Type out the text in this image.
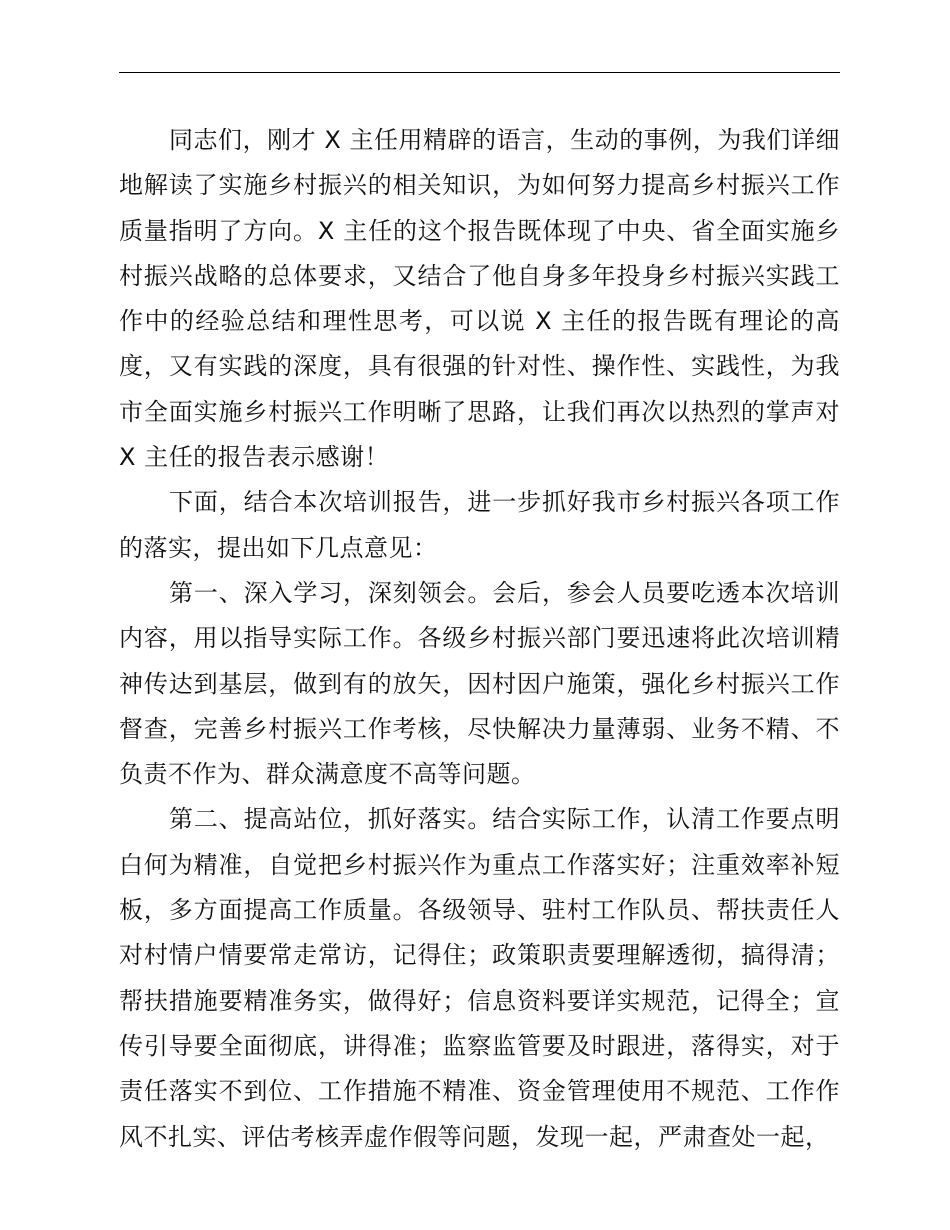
同志们，刚才 X 主任用精辟的语言，生动的事例，为我们详细地解读了实施乡村振兴的相关知识，为如何努力提高乡村振兴工作质量指明了方向。X 主任的这个报告既体现了中央、省全面实施乡村振兴战略的总体要求，又结合了他自身多年投身乡村振兴实践工作中的经验总结和理性思考，可以说 X 主任的报告既有理论的高度，又有实践的深度，具有很强的针对性、操作性、实践性，为我市全面实施乡村振兴工作明晰了思路，让我们再次以热烈的掌声对 X 主任的报告表示感谢！

下面，结合本次培训报告，进一步抓好我市乡村振兴各项工作的落实，提出如下几点意见：

第一、深入学习，深刻领会。会后，参会人员要吃透本次培训内容，用以指导实际工作。各级乡村振兴部门要迅速将此次培训精神传达到基层，做到有的放矢，因村因户施策，强化乡村振兴工作督查，完善乡村振兴工作考核，尽快解决力量薄弱、业务不精、不负责不作为、群众满意度不高等问题。

第二、提高站位，抓好落实。结合实际工作，认清工作要点明白何为精准，自觉把乡村振兴作为重点工作落实好；注重效率补短板，多方面提高工作质量。各级领导、驻村工作队员、帮扶责任人对村情户情要常走常访，记得住；政策职责要理解透彻，搞得清；帮扶措施要精准务实，做得好；信息资料要详实规范，记得全；宣传引导要全面彻底，讲得准；监察监管要及时跟进，落得实，对于责任落实不到位、工作措施不精准、资金管理使用不规范、工作作风不扎实、评估考核弄虚作假等问题，发现一起，严肃查处一起，
